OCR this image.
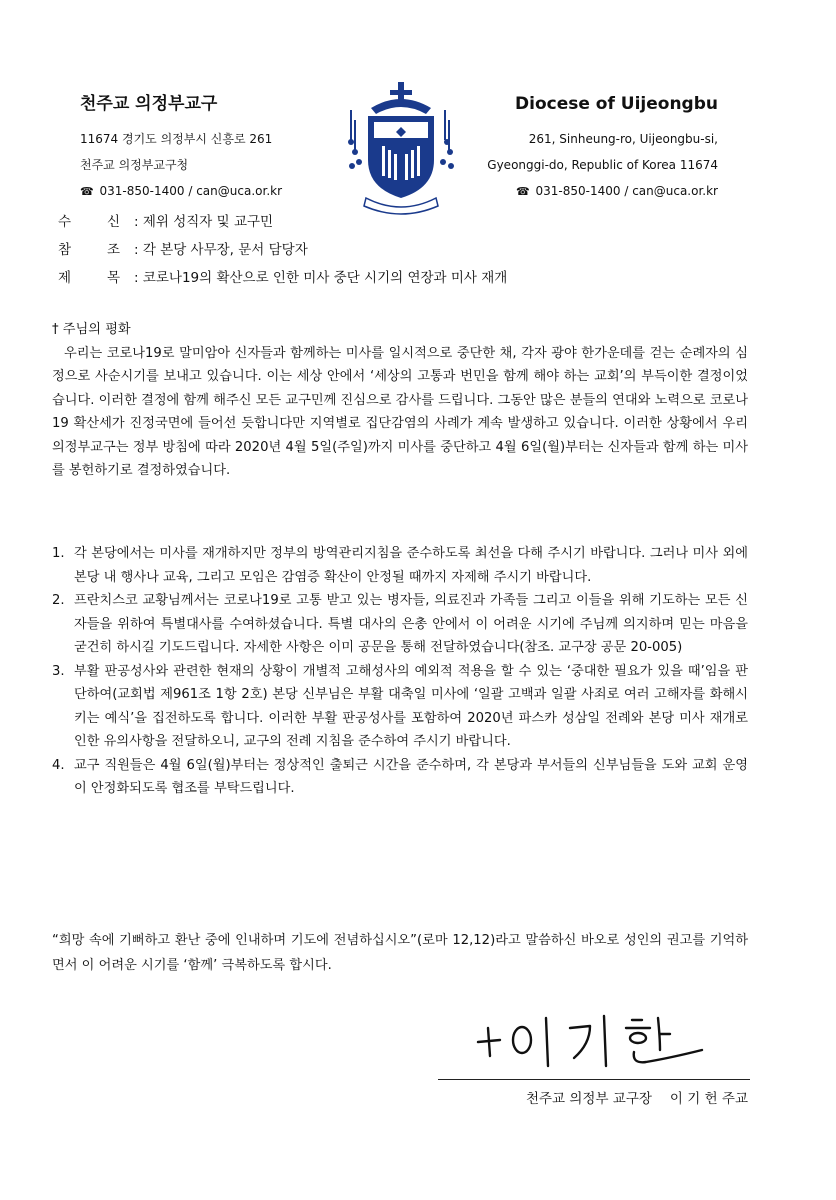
천주교 의정부교구
11674 경기도 의정부시 신흥로 261
천주교 의정부교구청
☎ 031-850-1400 / can@uca.or.kr
Diocese of Uijeongbu
261, Sinheung-ro, Uijeongbu-si,
Gyeonggi-do, Republic of Korea 11674
☎ 031-850-1400 / can@uca.or.kr
수	신 : 제위 성직자 및 교구민
참	조 : 각 본당 사무장, 문서 담당자
제	목 : 코로나19의 확산으로 인한 미사 중단 시기의 연장과 미사 재개
† 주님의 평화

우리는 코로나19로 말미암아 신자들과 함께하는 미사를 일시적으로 중단한 채, 각자 광야 한가운데를 걷는 순례자의 심정으로 사순시기를 보내고 있습니다. 이는 세상 안에서 ‘세상의 고통과 번민을 함께 해야 하는 교회’의 부득이한 결정이었습니다. 이러한 결정에 함께 해주신 모든 교구민께 진심으로 감사를 드립니다. 그동안 많은 분들의 연대와 노력으로 코로나19 확산세가 진정국면에 들어선 듯합니다만 지역별로 집단감염의 사례가 계속 발생하고 있습니다. 이러한 상황에서 우리 의정부교구는 정부 방침에 따라 2020년 4월 5일(주일)까지 미사를 중단하고 4월 6일(월)부터는 신자들과 함께 하는 미사를 봉헌하기로 결정하였습니다.

1. 각 본당에서는 미사를 재개하지만 정부의 방역관리지침을 준수하도록 최선을 다해 주시기 바랍니다. 그러나 미사 외에 본당 내 행사나 교육, 그리고 모임은 감염증 확산이 안정될 때까지 자제해 주시기 바랍니다.
2. 프란치스코 교황님께서는 코로나19로 고통 받고 있는 병자들, 의료진과 가족들 그리고 이들을 위해 기도하는 모든 신자들을 위하여 특별대사를 수여하셨습니다. 특별 대사의 은총 안에서 이 어려운 시기에 주님께 의지하며 믿는 마음을 굳건히 하시길 기도드립니다. 자세한 사항은 이미 공문을 통해 전달하였습니다(참조. 교구장 공문 20-005)
3. 부활 판공성사와 관련한 현재의 상황이 개별적 고해성사의 예외적 적용을 할 수 있는 ‘중대한 필요가 있을 때’임을 판단하여(교회법 제961조 1항 2호) 본당 신부님은 부활 대축일 미사에 ‘일괄 고백과 일괄 사죄로 여러 고해자를 화해시키는 예식’을 집전하도록 합니다. 이러한 부활 판공성사를 포함하여 2020년 파스카 성삼일 전례와 본당 미사 재개로 인한 유의사항을 전달하오니, 교구의 전례 지침을 준수하여 주시기 바랍니다.
4. 교구 직원들은 4월 6일(월)부터는 정상적인 출퇴근 시간을 준수하며, 각 본당과 부서들의 신부님들을 도와 교회 운영이 안정화되도록 협조를 부탁드립니다.

“희망 속에 기뻐하고 환난 중에 인내하며 기도에 전념하십시오”(로마 12,12)라고 말씀하신 바오로 성인의 권고를 기억하면서 이 어려운 시기를 ‘함께’ 극복하도록 합시다.

천주교 의정부 교구장 이 기 헌 주교
